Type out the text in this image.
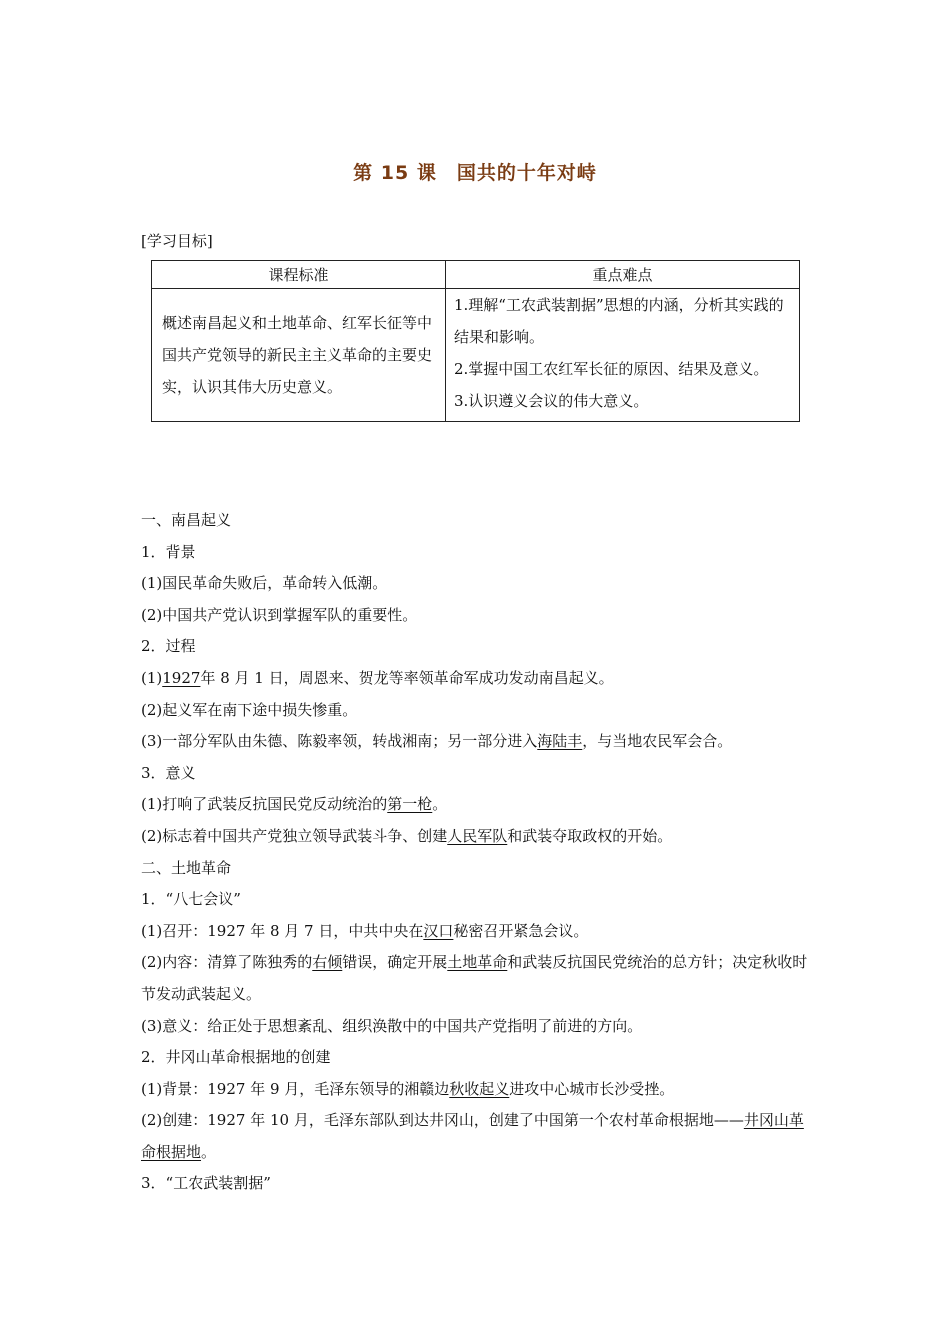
第 15 课　国共的十年对峙
[学习目标]
课程标准	重点难点
概述南昌起义和土地革命、红军长征等中国共产党领导的新民主主义革命的主要史实，认识其伟大历史意义。	1.理解“工农武装割据”思想的内涵，分析其实践的结果和影响。
2.掌握中国工农红军长征的原因、结果及意义。
3.认识遵义会议的伟大意义。

一、南昌起义

1．背景

(1)国民革命失败后，革命转入低潮。

(2)中国共产党认识到掌握军队的重要性。

2．过程

(1)1927年 8 月 1 日，周恩来、贺龙等率领革命军成功发动南昌起义。

(2)起义军在南下途中损失惨重。

(3)一部分军队由朱德、陈毅率领，转战湘南；另一部分进入海陆丰，与当地农民军会合。

3．意义

(1)打响了武装反抗国民党反动统治的第一枪。

(2)标志着中国共产党独立领导武装斗争、创建人民军队和武装夺取政权的开始。

二、土地革命

1．“八七会议”

(1)召开：1927 年 8 月 7 日，中共中央在汉口秘密召开紧急会议。

(2)内容：清算了陈独秀的右倾错误，确定开展土地革命和武装反抗国民党统治的总方针；决定秋收时节发动武装起义。

(3)意义：给正处于思想紊乱、组织涣散中的中国共产党指明了前进的方向。

2．井冈山革命根据地的创建

(1)背景：1927 年 9 月，毛泽东领导的湘赣边秋收起义进攻中心城市长沙受挫。

(2)创建：1927 年 10 月，毛泽东部队到达井冈山，创建了中国第一个农村革命根据地——井冈山革命根据地。

3．“工农武装割据”
